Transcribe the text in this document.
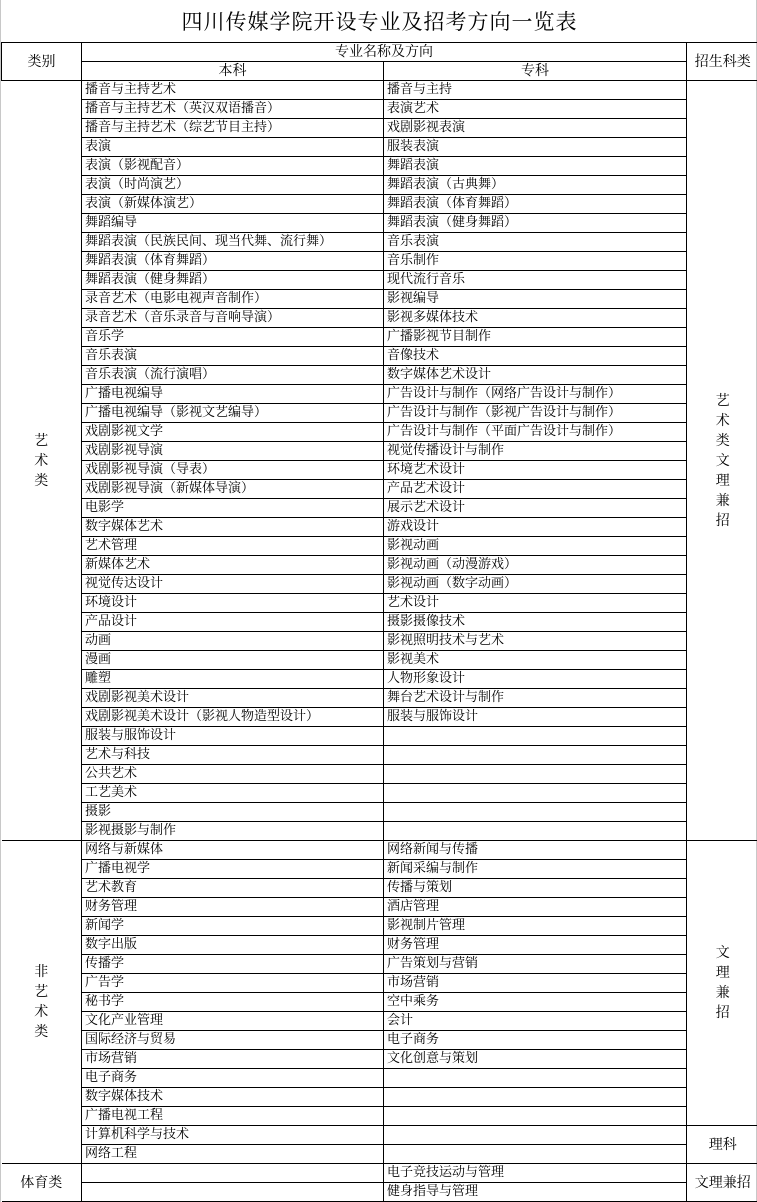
四川传媒学院开设专业及招考方向一览表
类别	专业名称及方向		招生科类
	本科	专科	
艺术类	播音与主持艺术	播音与主持	艺术类文理兼招
	播音与主持艺术（英汉双语播音）	表演艺术	
	播音与主持艺术（综艺节目主持）	戏剧影视表演	
	表演	服装表演	
	表演（影视配音）	舞蹈表演	
	表演（时尚演艺）	舞蹈表演（古典舞）	
	表演（新媒体演艺）	舞蹈表演（体育舞蹈）	
	舞蹈编导	舞蹈表演（健身舞蹈）	
	舞蹈表演（民族民间、现当代舞、流行舞）	音乐表演	
	舞蹈表演（体育舞蹈）	音乐制作	
	舞蹈表演（健身舞蹈）	现代流行音乐	
	录音艺术（电影电视声音制作）	影视编导	
	录音艺术（音乐录音与音响导演）	影视多媒体技术	
	音乐学	广播影视节目制作	
	音乐表演	音像技术	
	音乐表演（流行演唱）	数字媒体艺术设计	
	广播电视编导	广告设计与制作（网络广告设计与制作）	
	广播电视编导（影视文艺编导）	广告设计与制作（影视广告设计与制作）	
	戏剧影视文学	广告设计与制作（平面广告设计与制作）	
	戏剧影视导演	视觉传播设计与制作	
	戏剧影视导演（导表）	环境艺术设计	
	戏剧影视导演（新媒体导演）	产品艺术设计	
	电影学	展示艺术设计	
	数字媒体艺术	游戏设计	
	艺术管理	影视动画	
	新媒体艺术	影视动画（动漫游戏）	
	视觉传达设计	影视动画（数字动画）	
	环境设计	艺术设计	
	产品设计	摄影摄像技术	
	动画	影视照明技术与艺术	
	漫画	影视美术	
	雕塑	人物形象设计	
	戏剧影视美术设计	舞台艺术设计与制作	
	戏剧影视美术设计（影视人物造型设计）	服装与服饰设计	
	服装与服饰设计		
	艺术与科技		
	公共艺术		
	工艺美术		
	摄影		
	影视摄影与制作		
非艺术类	网络与新媒体	网络新闻与传播	文理兼招
	广播电视学	新闻采编与制作	
	艺术教育	传播与策划	
	财务管理	酒店管理	
	新闻学	影视制片管理	
	数字出版	财务管理	
	传播学	广告策划与营销	
	广告学	市场营销	
	秘书学	空中乘务	
	文化产业管理	会计	
	国际经济与贸易	电子商务	
	市场营销	文化创意与策划	
	电子商务		
	数字媒体技术		
	广播电视工程		
	计算机科学与技术		理科
	网络工程		
体育类		电子竞技运动与管理	文理兼招
		健身指导与管理	
